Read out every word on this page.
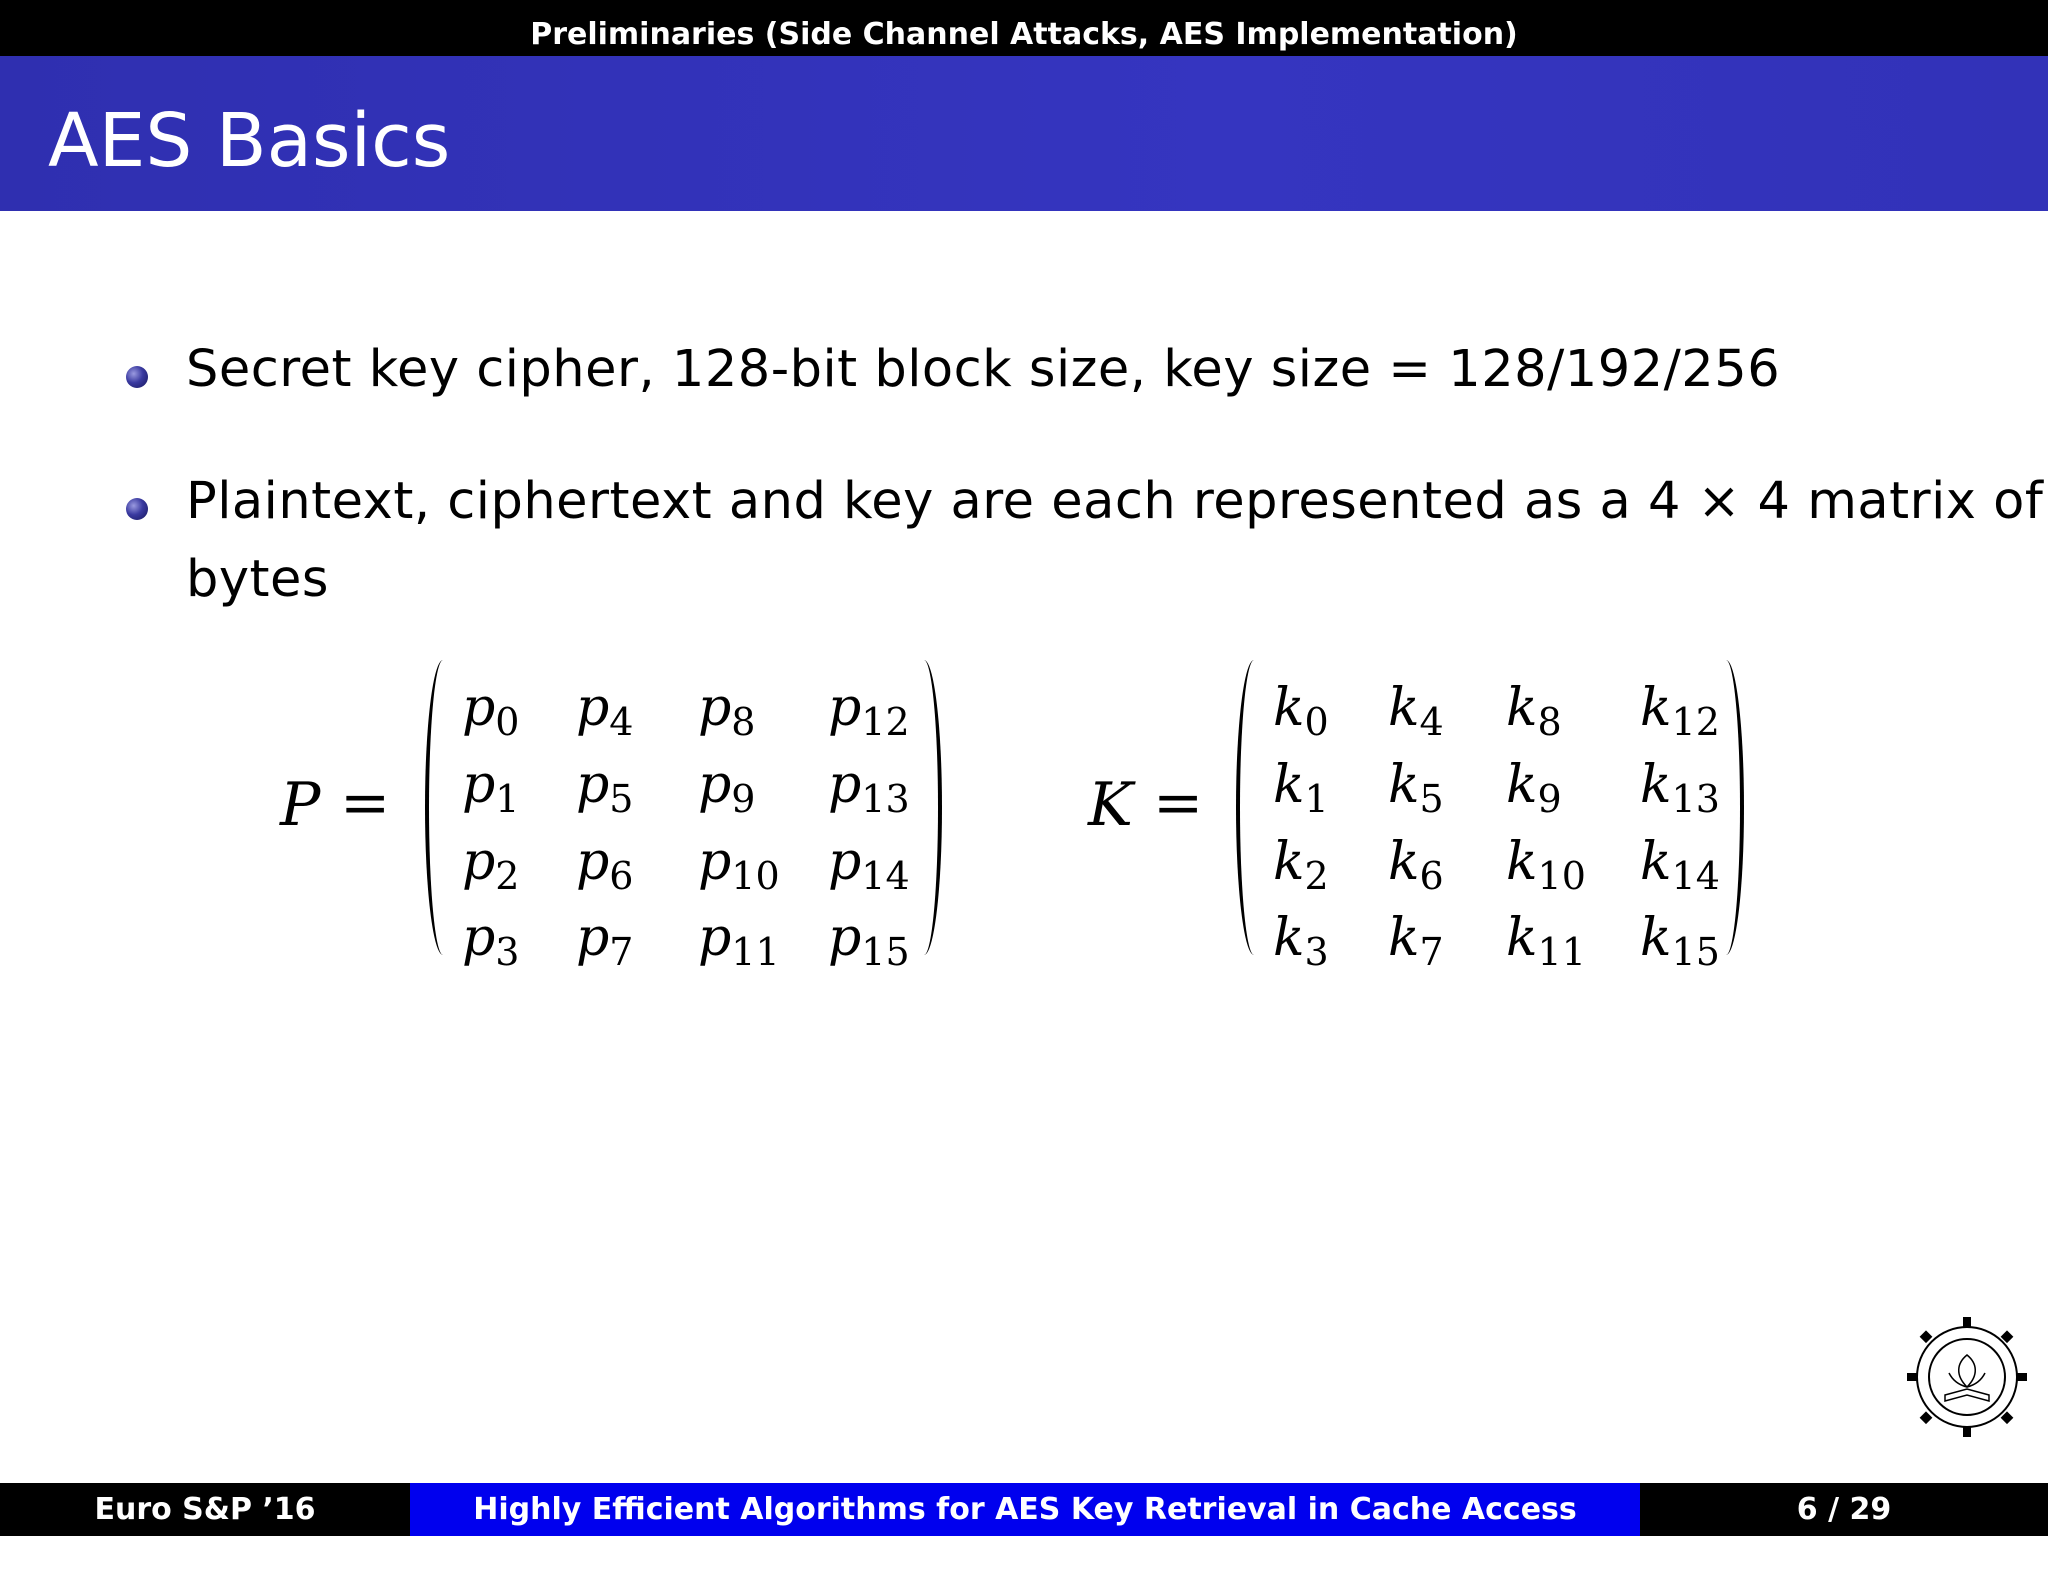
Preliminaries (Side Channel Attacks, AES Implementation)
AES Basics
Secret key cipher, 128-bit block size, key size = 128/192/256
Plaintext, ciphertext and key are each represented as a 4 × 4 matrix of
bytes
P =
$p_0$ $p_4$ $p_8$ $p_{12}$
$p_1$ $p_5$ $p_9$ $p_{13}$
$p_2$ $p_6$ $p_{10}$ $p_{14}$
$p_3$ $p_7$ $p_{11}$ $p_{15}$
K =
$k_0$ $k_4$ $k_8$ $k_{12}$
$k_1$ $k_5$ $k_9$ $k_{13}$
$k_2$ $k_6$ $k_{10}$ $k_{14}$
$k_3$ $k_7$ $k_{11}$ $k_{15}$
Euro S&P ’16	Highly Efficient Algorithms for AES Key Retrieval in Cache Access Attacks
6 / 29
